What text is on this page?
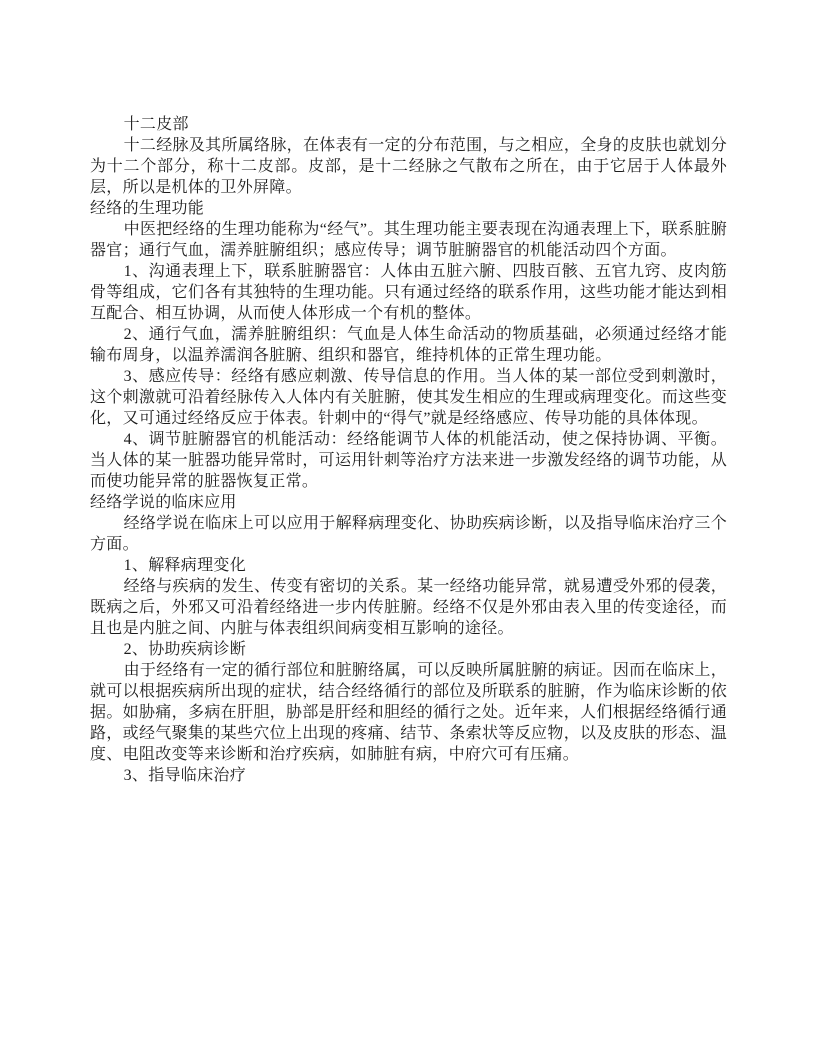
十二皮部

十二经脉及其所属络脉，在体表有一定的分布范围，与之相应，全身的皮肤也就划分为十二个部分，称十二皮部。皮部，是十二经脉之气散布之所在，由于它居于人体最外层，所以是机体的卫外屏障。

经络的生理功能

中医把经络的生理功能称为“经气”。其生理功能主要表现在沟通表理上下，联系脏腑器官；通行气血，濡养脏腑组织；感应传导；调节脏腑器官的机能活动四个方面。

1、沟通表理上下，联系脏腑器官：人体由五脏六腑、四肢百骸、五官九窍、皮肉筋骨等组成，它们各有其独特的生理功能。只有通过经络的联系作用，这些功能才能达到相互配合、相互协调，从而使人体形成一个有机的整体。

2、通行气血，濡养脏腑组织：气血是人体生命活动的物质基础，必须通过经络才能输布周身，以温养濡润各脏腑、组织和器官，维持机体的正常生理功能。

3、感应传导：经络有感应刺激、传导信息的作用。当人体的某一部位受到刺激时，这个刺激就可沿着经脉传入人体内有关脏腑，使其发生相应的生理或病理变化。而这些变化，又可通过经络反应于体表。针刺中的“得气”就是经络感应、传导功能的具体体现。

4、调节脏腑器官的机能活动：经络能调节人体的机能活动，使之保持协调、平衡。当人体的某一脏器功能异常时，可运用针刺等治疗方法来进一步激发经络的调节功能，从而使功能异常的脏器恢复正常。

经络学说的临床应用

经络学说在临床上可以应用于解释病理变化、协助疾病诊断，以及指导临床治疗三个方面。

1、解释病理变化

经络与疾病的发生、传变有密切的关系。某一经络功能异常，就易遭受外邪的侵袭，既病之后，外邪又可沿着经络进一步内传脏腑。经络不仅是外邪由表入里的传变途径，而且也是内脏之间、内脏与体表组织间病变相互影响的途径。

2、协助疾病诊断

由于经络有一定的循行部位和脏腑络属，可以反映所属脏腑的病证。因而在临床上，就可以根据疾病所出现的症状，结合经络循行的部位及所联系的脏腑，作为临床诊断的依据。如胁痛，多病在肝胆，胁部是肝经和胆经的循行之处。近年来，人们根据经络循行通路，或经气聚集的某些穴位上出现的疼痛、结节、条索状等反应物，以及皮肤的形态、温度、电阻改变等来诊断和治疗疾病，如肺脏有病，中府穴可有压痛。

3、指导临床治疗
